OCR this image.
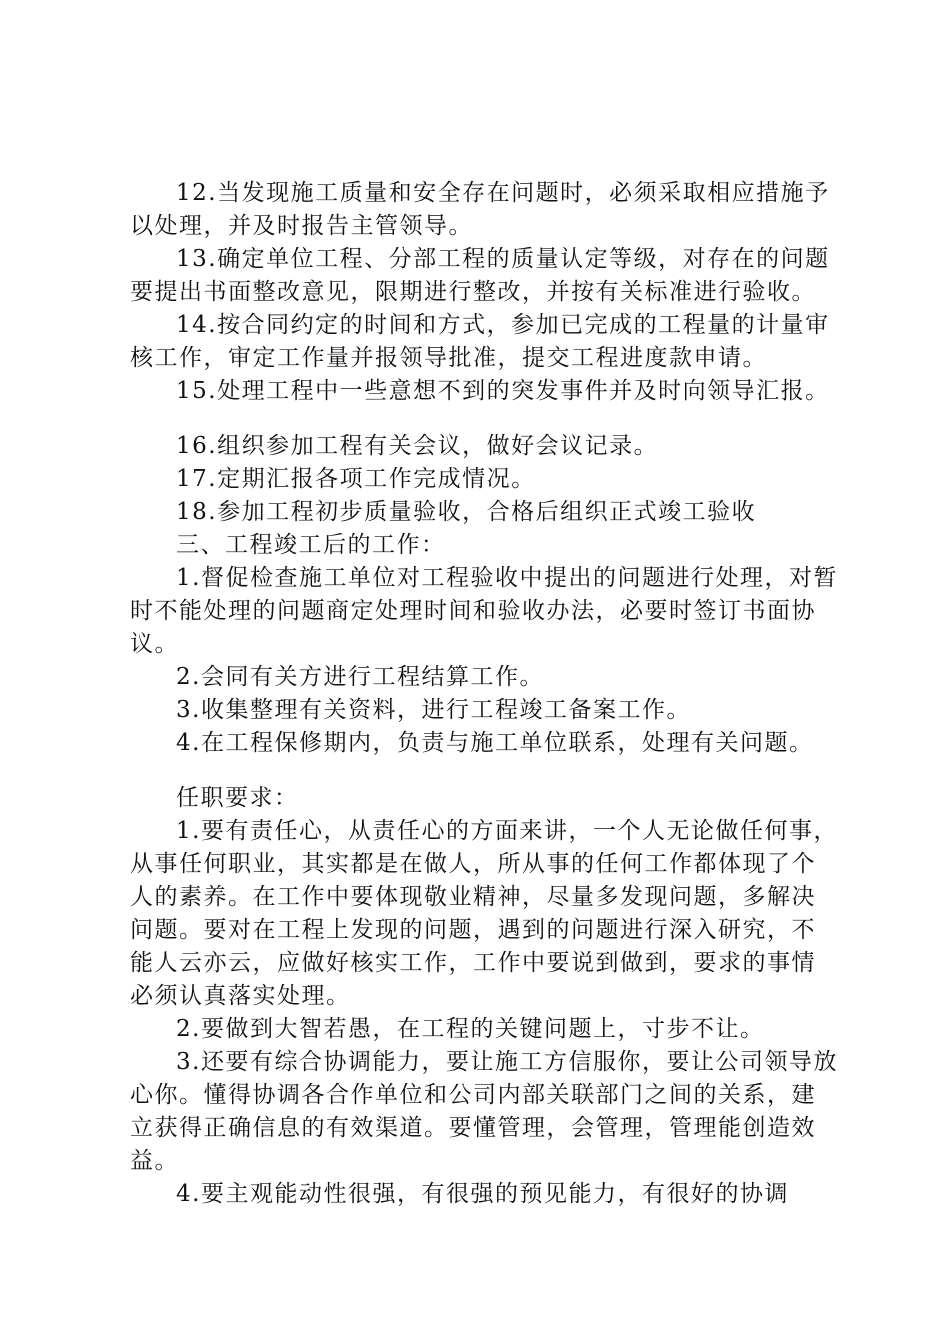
12.当发现施工质量和安全存在问题时，必须采取相应措施予以处理，并及时报告主管领导。

13.确定单位工程、分部工程的质量认定等级，对存在的问题要提出书面整改意见，限期进行整改，并按有关标准进行验收。

14.按合同约定的时间和方式，参加已完成的工程量的计量审核工作，审定工作量并报领导批准，提交工程进度款申请。

15.处理工程中一些意想不到的突发事件并及时向领导汇报。

16.组织参加工程有关会议，做好会议记录。

17.定期汇报各项工作完成情况。

18.参加工程初步质量验收，合格后组织正式竣工验收

三、工程竣工后的工作：

1.督促检查施工单位对工程验收中提出的问题进行处理，对暂时不能处理的问题商定处理时间和验收办法，必要时签订书面协议。

2.会同有关方进行工程结算工作。

3.收集整理有关资料，进行工程竣工备案工作。

4.在工程保修期内，负责与施工单位联系，处理有关问题。

任职要求：

1.要有责任心，从责任心的方面来讲，一个人无论做任何事，从事任何职业，其实都是在做人，所从事的任何工作都体现了个人的素养。在工作中要体现敬业精神，尽量多发现问题，多解决问题。要对在工程上发现的问题，遇到的问题进行深入研究，不能人云亦云，应做好核实工作，工作中要说到做到，要求的事情必须认真落实处理。

2.要做到大智若愚，在工程的关键问题上，寸步不让。

3.还要有综合协调能力，要让施工方信服你，要让公司领导放心你。懂得协调各合作单位和公司内部关联部门之间的关系，建立获得正确信息的有效渠道。要懂管理，会管理，管理能创造效益。

4.要主观能动性很强，有很强的预见能力，有很好的协调
